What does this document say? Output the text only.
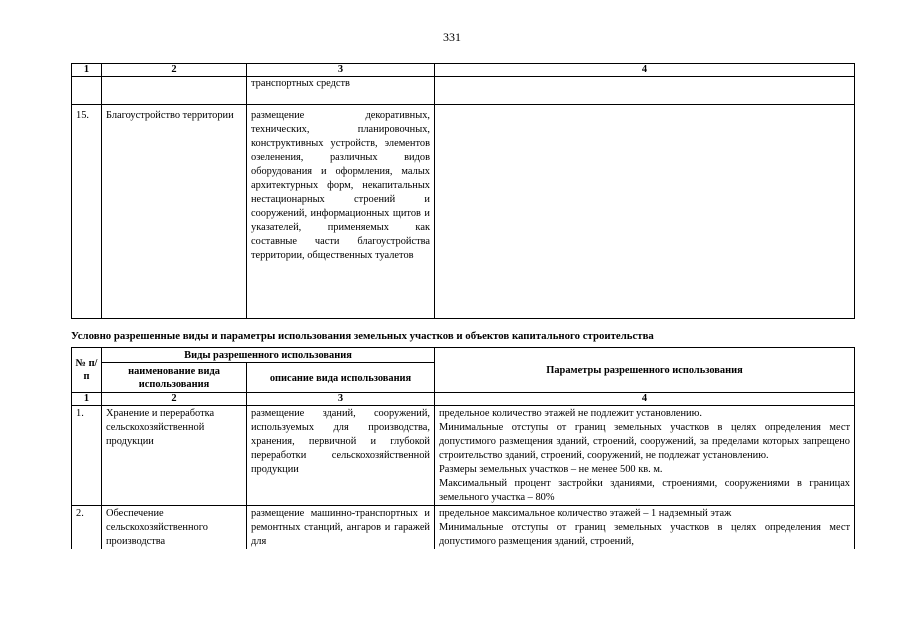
331
1	2	3	4
		транспортных средств	
15.	Благоустройство территории	размещение декоративных, технических, планировочных, конструктивных устройств, элементов озеленения, различных видов оборудования и оформления, малых архитектурных форм, некапитальных нестационарных строений и сооружений, информационных щитов и указателей, применяемых как составные части благоустройства территории, общественных туалетов	
Условно разрешенные виды и параметры использования земельных участков и объектов капитального строительства
№ п/п	Виды разрешенного использования		Параметры разрешенного использования
	наименование вида использования	описание вида использования	
1	2	3	4
1.	Хранение и переработка сельскохозяйственной продукции	размещение зданий, сооружений, используемых для производства, хранения, первичной и глубокой переработки сельскохозяйственной продукции	предельное количество этажей не подлежит установлению.

Минимальные отступы от границ земельных участков в целях определения мест допустимого размещения зданий, строений, сооружений, за пределами которых запрещено строительство зданий, строений, сооружений, не подлежат установлению.

Размеры земельных участков – не менее 500 кв. м.

Максимальный процент застройки зданиями, строениями, сооружениями в границах земельного участка – 80%

2.	Обеспечение сельскохозяйственного производства	размещение машинно-транспортных и ремонтных станций, ангаров и гаражей для	предельное максимальное количество этажей – 1 надземный этаж

Минимальные отступы от границ земельных участков в целях определения мест допустимого размещения зданий, строений,
